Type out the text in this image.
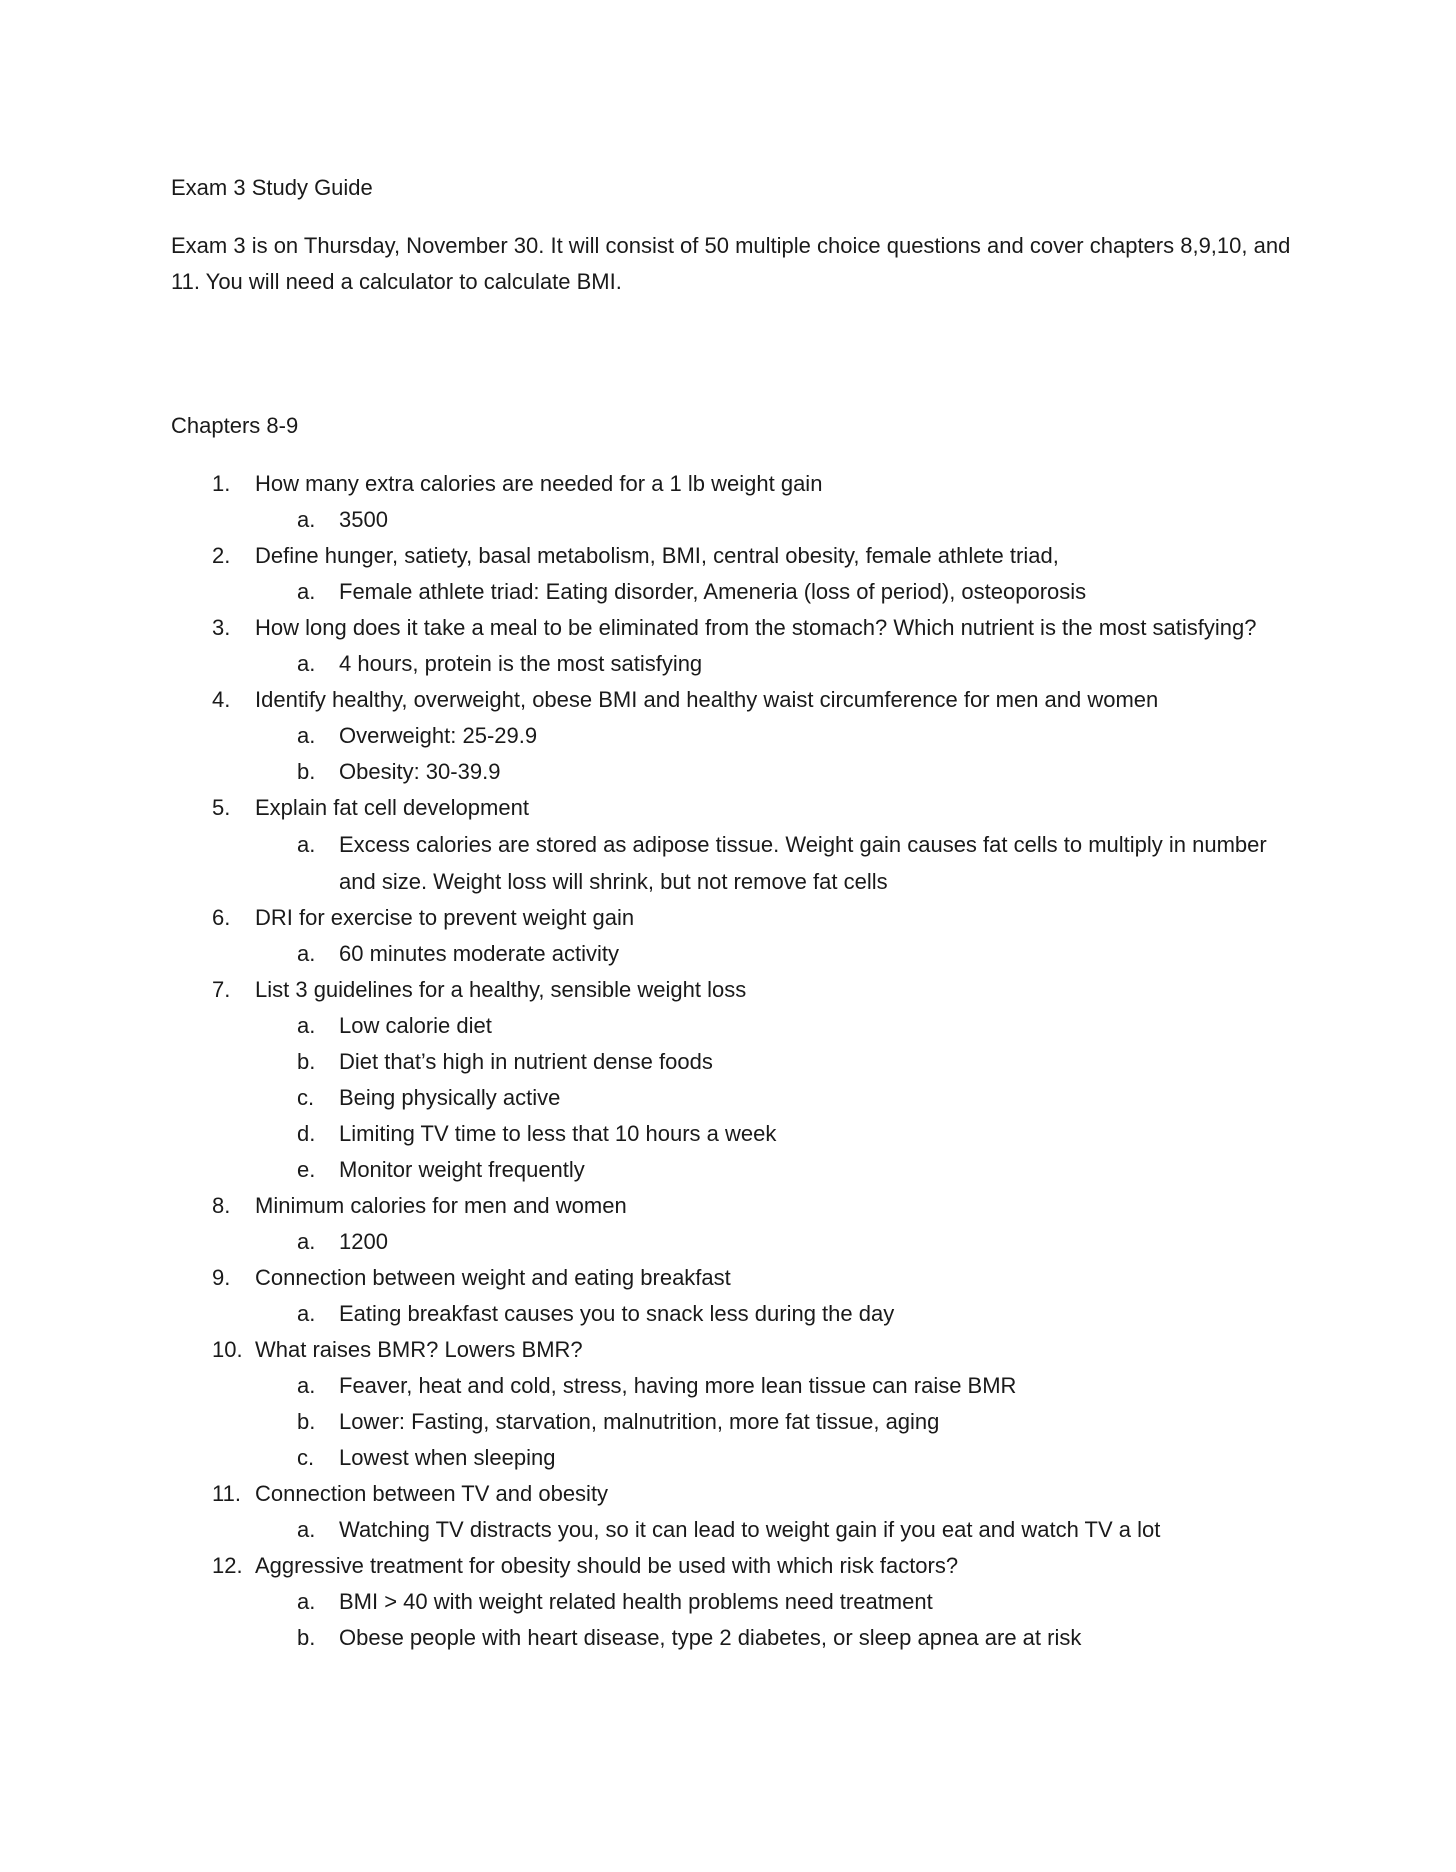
Exam 3 Study Guide

Exam 3 is on Thursday, November 30. It will consist of 50 multiple choice questions and cover chapters 8,9,10, and 11. You will need a calculator to calculate BMI.

Chapters 8-9

1. How many extra calories are needed for a 1 lb weight gain
a. 3500
2. Define hunger, satiety, basal metabolism, BMI, central obesity, female athlete triad,
a. Female athlete triad: Eating disorder, Ameneria (loss of period), osteoporosis
3. How long does it take a meal to be eliminated from the stomach? Which nutrient is the most satisfying?
a. 4 hours, protein is the most satisfying
4. Identify healthy, overweight, obese BMI and healthy waist circumference for men and women
a. Overweight: 25-29.9
b. Obesity: 30-39.9
5. Explain fat cell development
a. Excess calories are stored as adipose tissue. Weight gain causes fat cells to multiply in number and size. Weight loss will shrink, but not remove fat cells
6. DRI for exercise to prevent weight gain
a. 60 minutes moderate activity
7. List 3 guidelines for a healthy, sensible weight loss
a. Low calorie diet
b. Diet that’s high in nutrient dense foods
c. Being physically active
d. Limiting TV time to less that 10 hours a week
e. Monitor weight frequently
8. Minimum calories for men and women
a. 1200
9. Connection between weight and eating breakfast
a. Eating breakfast causes you to snack less during the day
10. What raises BMR? Lowers BMR?
a. Feaver, heat and cold, stress, having more lean tissue can raise BMR
b. Lower: Fasting, starvation, malnutrition, more fat tissue, aging
c. Lowest when sleeping
11. Connection between TV and obesity
a. Watching TV distracts you, so it can lead to weight gain if you eat and watch TV a lot
12. Aggressive treatment for obesity should be used with which risk factors?
a. BMI > 40 with weight related health problems need treatment
b. Obese people with heart disease, type 2 diabetes, or sleep apnea are at risk
